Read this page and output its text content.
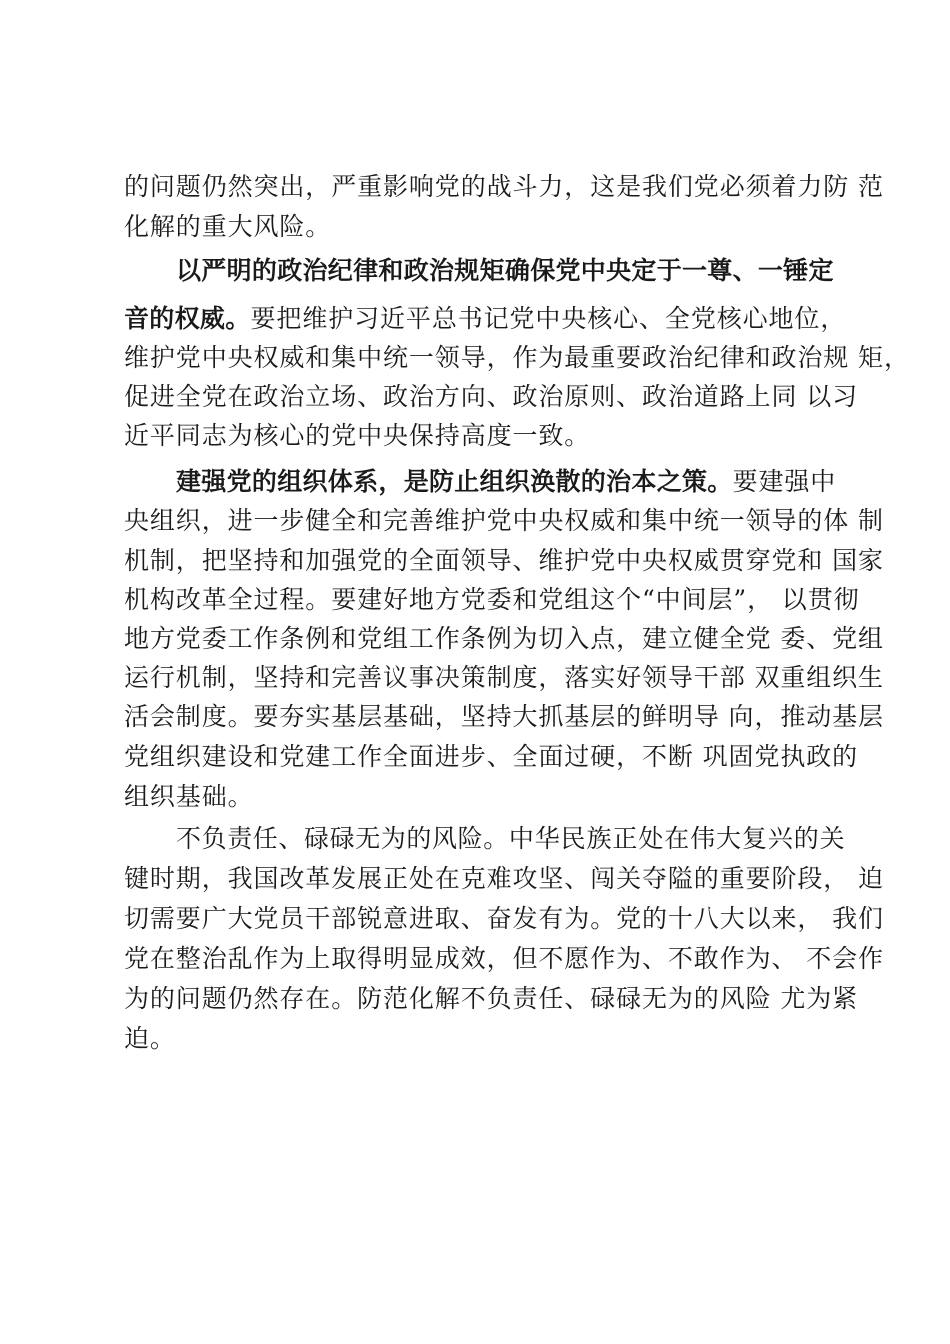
的问题仍然突出，严重影响党的战斗力，这是我们党必须着力防 范
化解的重大风险。
以严明的政治纪律和政治规矩确保党中央定于一尊、一锤定
音的权威。要把维护习近平总书记党中央核心、全党核心地位，
维护党中央权威和集中统一领导，作为最重要政治纪律和政治规 矩，
促进全党在政治立场、政治方向、政治原则、政治道路上同 以习
近平同志为核心的党中央保持高度一致。
建强党的组织体系，是防止组织涣散的治本之策。要建强中
央组织，进一步健全和完善维护党中央权威和集中统一领导的体 制
机制，把坚持和加强党的全面领导、维护党中央权威贯穿党和 国家
机构改革全过程。要建好地方党委和党组这个“中间层”， 以贯彻
地方党委工作条例和党组工作条例为切入点，建立健全党 委、党组
运行机制，坚持和完善议事决策制度，落实好领导干部 双重组织生
活会制度。要夯实基层基础，坚持大抓基层的鲜明导 向，推动基层
党组织建设和党建工作全面进步、全面过硬，不断 巩固党执政的
组织基础。
不负责任、碌碌无为的风险。中华民族正处在伟大复兴的关
键时期，我国改革发展正处在克难攻坚、闯关夺隘的重要阶段， 迫
切需要广大党员干部锐意进取、奋发有为。党的十八大以来， 我们
党在整治乱作为上取得明显成效，但不愿作为、不敢作为、 不会作
为的问题仍然存在。防范化解不负责任、碌碌无为的风险 尤为紧
迫。
